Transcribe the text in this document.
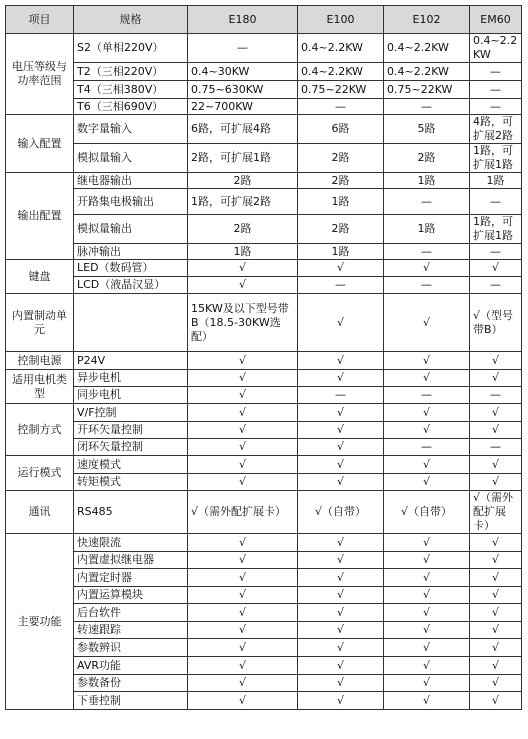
项目	规格	E180	E100	E102	EM60
电压等级与功率范围	S2（单相220V）	—	0.4~2.2KW	0.4~2.2KW	0.4~2.2KW
	T2（三相220V）	0.4~30KW	0.4~2.2KW	0.4~2.2KW	—
	T4（三相380V）	0.75~630KW	0.75~22KW	0.75~22KW	—
	T6（三相690V）	22~700KW	—	—	—
输入配置	数字量输入	6路，可扩展4路	6路	5路	4路，可扩展2路
	模拟量输入	2路，可扩展1路	2路	2路	1路，可扩展1路
输出配置	继电器输出	2路	2路	1路	1路
	开路集电极输出	1路，可扩展2路	1路	—	—
	模拟量输出	2路	2路	1路	1路，可扩展1路
	脉冲输出	1路	1路	—	—
键盘	LED（数码管）	√	√	√	√
	LCD（液晶汉显）	√	—	—	—
内置制动单元		15KW及以下型号带B（18.5-30KW选配）	√	√	√（型号带B）
控制电源	P24V	√	√	√	√
适用电机类型	异步电机	√	√	√	√
	同步电机	√	—	—	—
控制方式	V/F控制	√	√	√	√
	开环矢量控制	√	√	√	√
	闭环矢量控制	√	√	—	—
运行模式	速度模式	√	√	√	√
	转矩模式	√	√	√	√
通讯	RS485	√（需外配扩展卡）	√（自带）	√（自带）	√（需外配扩展卡）
主要功能	快速限流	√	√	√	√
	内置虚拟继电器	√	√	√	√
	内置定时器	√	√	√	√
	内置运算模块	√	√	√	√
	后台软件	√	√	√	√
	转速跟踪	√	√	√	√
	参数辨识	√	√	√	√
	AVR功能	√	√	√	√
	参数备份	√	√	√	√
	下垂控制	√	√	√	√
